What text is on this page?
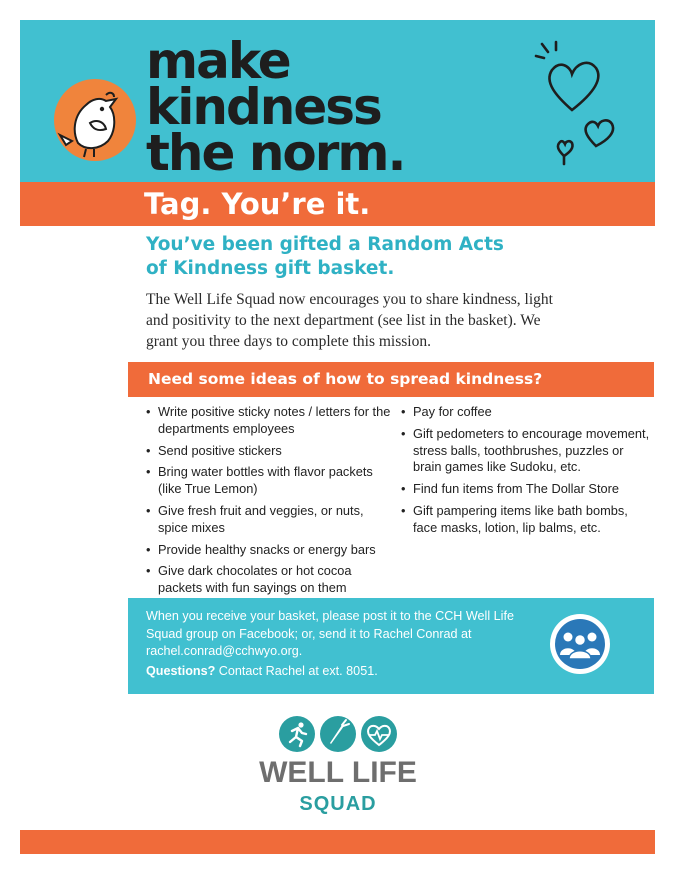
make
kindness
the norm.
Tag. You’re it.
You’ve been gifted a Random Acts
of Kindness gift basket.
The Well Life Squad now encourages you to share kindness, light and positivity to the next department (see list in the basket). We grant you three days to complete this mission.
Need some ideas of how to spread kindness?
• Write positive sticky notes / letters for the departments employees
• Send positive stickers
• Bring water bottles with flavor packets (like True Lemon)
• Give fresh fruit and veggies, or nuts, spice mixes
• Provide healthy snacks or energy bars
• Give dark chocolates or hot cocoa packets with fun sayings on them
• Pay for coffee
• Gift pedometers to encourage movement, stress balls, toothbrushes, puzzles or brain games like Sudoku, etc.
• Find fun items from The Dollar Store
• Gift pampering items like bath bombs, face masks, lotion, lip balms, etc.
When you receive your basket, please post it to the CCH Well Life Squad group on Facebook; or, send it to Rachel Conrad at rachel.conrad@cchwyo.org.
Questions? Contact Rachel at ext. 8051.
WELL LIFE
SQUAD
